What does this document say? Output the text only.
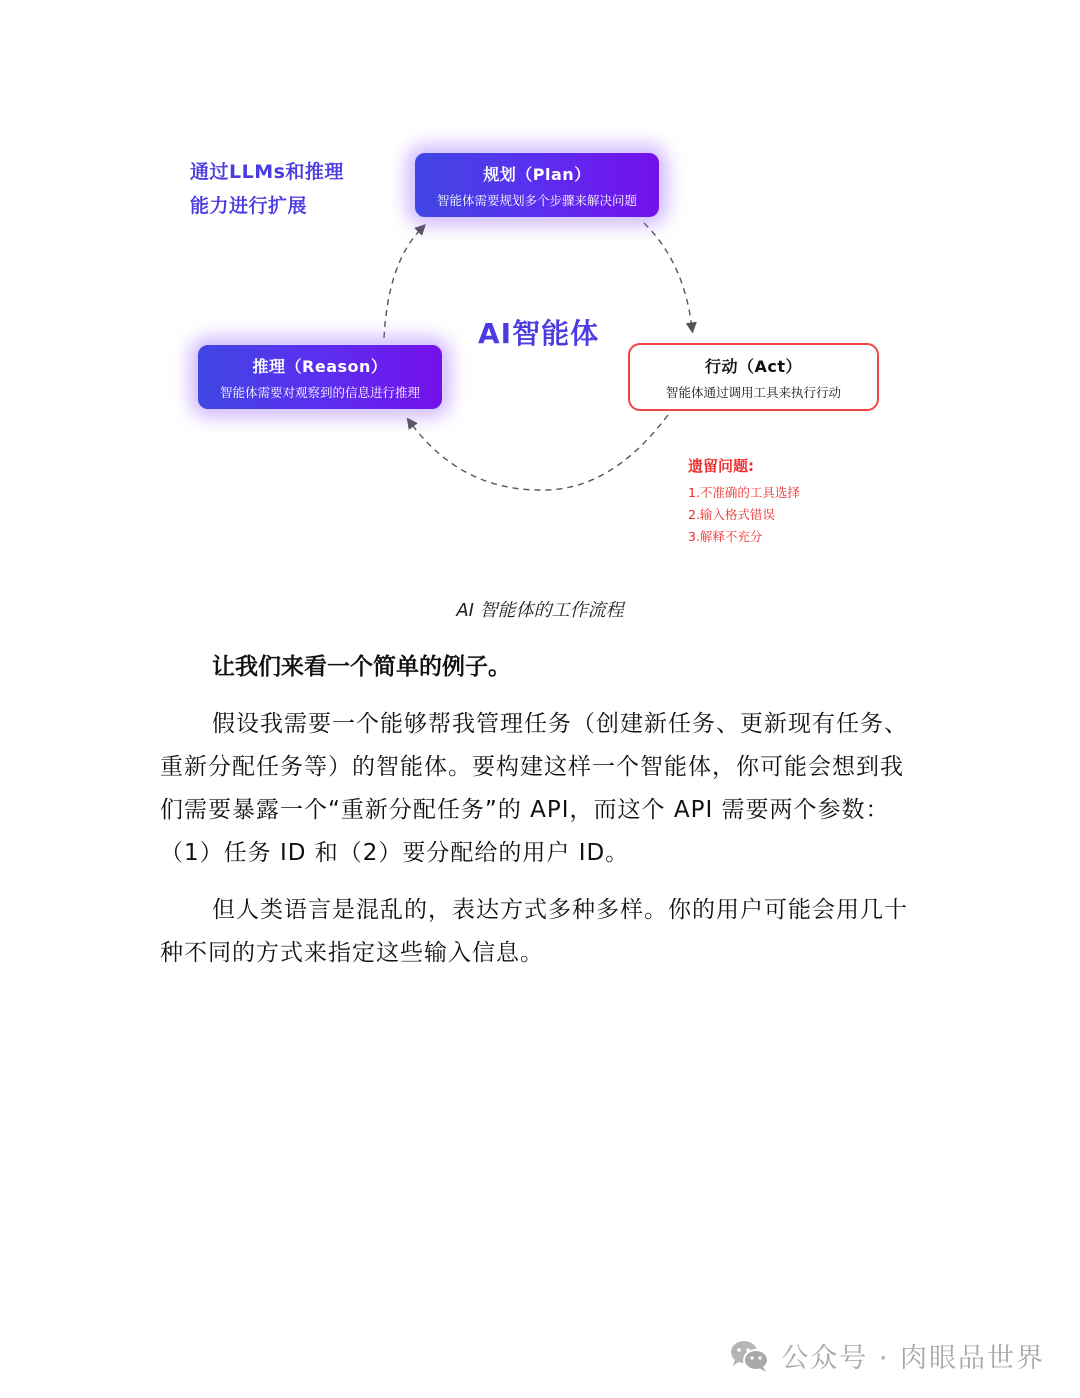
通过LLMs和推理
能力进行扩展
规划（Plan）
智能体需要规划多个步骤来解决问题
AI智能体
推理（Reason）
智能体需要对观察到的信息进行推理
行动（Act）
智能体通过调用工具来执行行动
遗留问题:
1.不准确的工具选择
2.输入格式错误
3.解释不充分
AI 智能体的工作流程
让我们来看一个简单的例子。

假设我需要一个能够帮我管理任务（创建新任务、更新现有任务、重新分配任务等）的智能体。要构建这样一个智能体，你可能会想到我们需要暴露一个“重新分配任务”的 API，而这个 API 需要两个参数：（1）任务 ID 和（2）要分配给的用户 ID。

但人类语言是混乱的，表达方式多种多样。你的用户可能会用几十种不同的方式来指定这些输入信息。

公众号 · 肉眼品世界
